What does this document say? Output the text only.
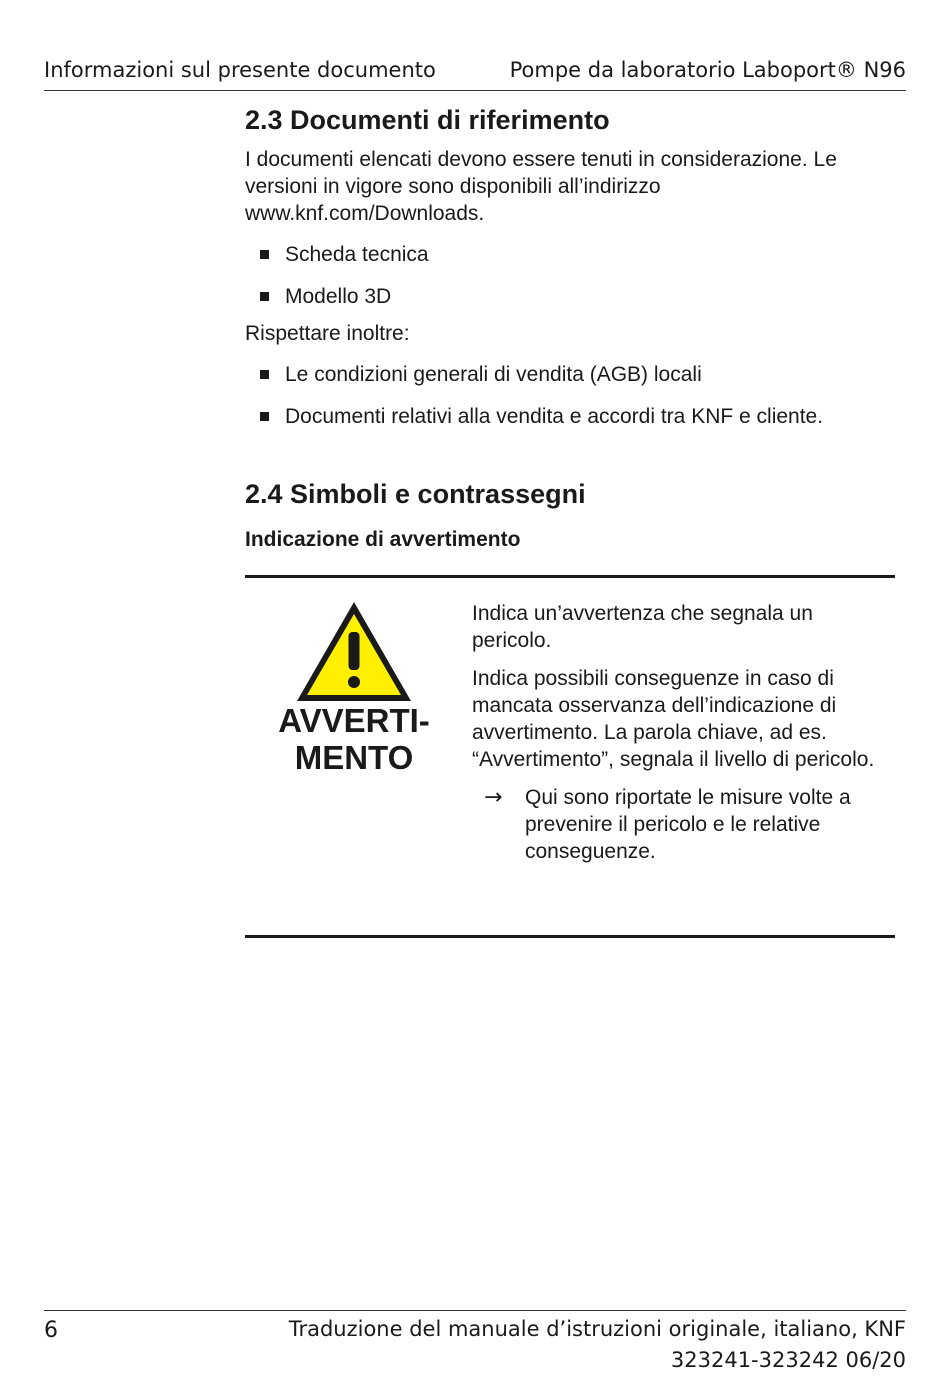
Informazioni sul presente documento	Pompe da laboratorio Laboport® N96
2.3 Documenti di riferimento

I documenti elencati devono essere tenuti in considerazione. Le versioni in vigore sono disponibili all’indirizzo www.knf.com/Downloads.

Scheda tecnica
Modello 3D

Rispettare inoltre:

Le condizioni generali di vendita (AGB) locali
Documenti relativi alla vendita e accordi tra KNF e cliente.
2.4 Simboli e contrassegni
Indicazione di avvertimento
AVVERTI-
MENTO

Indica un’avvertenza che segnala un pericolo.

Indica possibili conseguenze in caso di mancata osservanza dell’indicazione di avvertimento. La parola chiave, ad es. “Avvertimento”, segnala il livello di pericolo.

→ Qui sono riportate le misure volte a prevenire il pericolo e le relative conseguenze.
6	Traduzione del manuale d’istruzioni originale, italiano, KNF
323241-323242 06/20
